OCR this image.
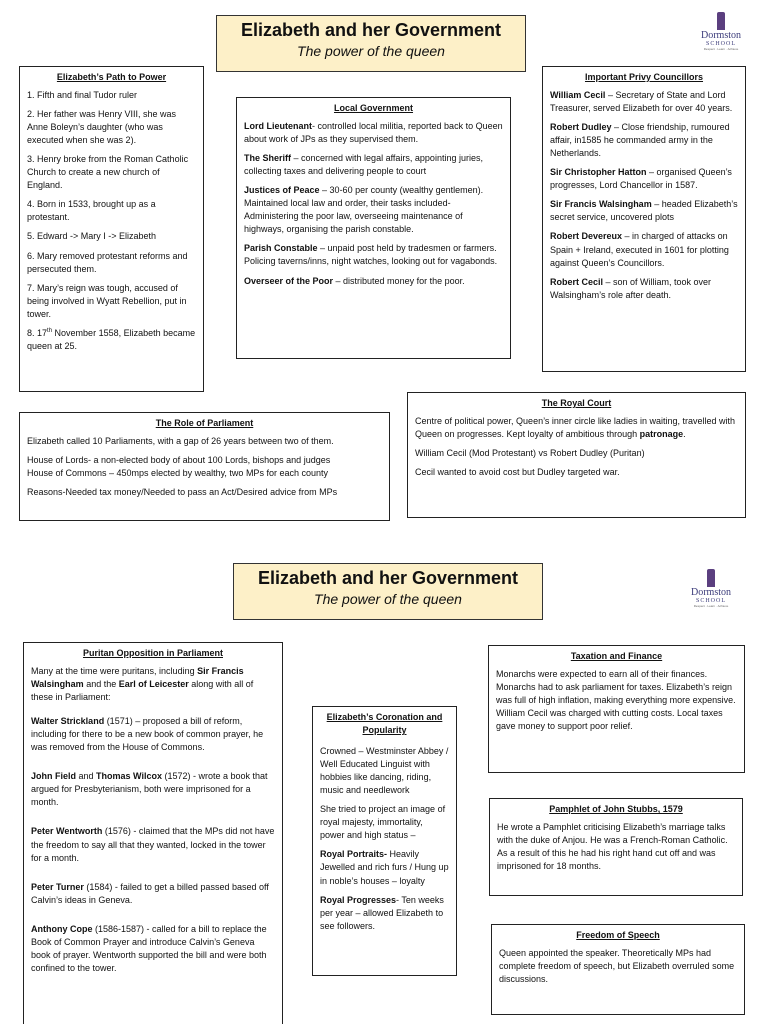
Elizabeth and her Government
The power of the queen
Dormston
SCHOOL
Respect · Learn · Achieve
Elizabeth’s Path to Power

1. Fifth and final Tudor ruler

2. Her father was Henry VIII, she was Anne Boleyn’s daughter (who was executed when she was 2).

3. Henry broke from the Roman Catholic Church to create a new church of England.

4. Born in 1533, brought up as a protestant.

5. Edward -> Mary I -> Elizabeth

6. Mary removed protestant reforms and persecuted them.

7. Mary’s reign was tough, accused of being involved in Wyatt Rebellion, put in tower.

8. 17th November 1558, Elizabeth became queen at 25.

Local Government

Lord Lieutenant- controlled local militia, reported back to Queen about work of JPs as they supervised them.

The Sheriff – concerned with legal affairs, appointing juries, collecting taxes and delivering people to court

Justices of Peace – 30-60 per county (wealthy gentlemen). Maintained local law and order, their tasks included- Administering the poor law, overseeing maintenance of highways, organising the parish constable.

Parish Constable – unpaid post held by tradesmen or farmers. Policing taverns/inns, night watches, looking out for vagabonds.

Overseer of the Poor – distributed money for the poor.

Important Privy Councillors

William Cecil – Secretary of State and Lord Treasurer, served Elizabeth for over 40 years.

Robert Dudley – Close friendship, rumoured affair, in1585 he commanded army in the Netherlands.

Sir Christopher Hatton – organised Queen’s progresses, Lord Chancellor in 1587.

Sir Francis Walsingham – headed Elizabeth’s secret service, uncovered plots

Robert Devereux – in charged of attacks on Spain + Ireland, executed in 1601 for plotting against Queen’s Councillors.

Robert Cecil – son of William, took over Walsingham’s role after death.

The Role of Parliament

Elizabeth called 10 Parliaments, with a gap of 26 years between two of them.

House of Lords- a non-elected body of about 100 Lords, bishops and judges

House of Commons – 450mps elected by wealthy, two MPs for each county

Reasons-Needed tax money/Needed to pass an Act/Desired advice from MPs

The Royal Court

Centre of political power, Queen’s inner circle like ladies in waiting, travelled with Queen on progresses. Kept loyalty of ambitious through patronage.

William Cecil (Mod Protestant) vs Robert Dudley (Puritan)

Cecil wanted to avoid cost but Dudley targeted war.

Elizabeth and her Government
The power of the queen	Dormston
SCHOOL
Respect · Learn · Achieve
Puritan Opposition in Parliament

Many at the time were puritans, including Sir Francis Walsingham and the Earl of Leicester along with all of these in Parliament:

Walter Strickland (1571) – proposed a bill of reform, including for there to be a new book of common prayer, he was removed from the House of Commons.

John Field and Thomas Wilcox (1572) - wrote a book that argued for Presbyterianism, both were imprisoned for a month.

Peter Wentworth (1576) - claimed that the MPs did not have the freedom to say all that they wanted, locked in the tower for a month.

Peter Turner (1584) - failed to get a billed passed based off Calvin’s ideas in Geneva.

Anthony Cope (1586-1587) - called for a bill to replace the Book of Common Prayer and introduce Calvin’s Geneva book of prayer. Wentworth supported the bill and were both confined to the tower.

Elizabeth’s Coronation and Popularity

Crowned – Westminster Abbey / Well Educated Linguist with hobbies like dancing, riding, music and needlework

She tried to project an image of royal majesty, immortality, power and high status –

Royal Portraits- Heavily Jewelled and rich furs / Hung up in noble’s houses – loyalty

Royal Progresses- Ten weeks per year – allowed Elizabeth to see followers.

Taxation and Finance

Monarchs were expected to earn all of their finances. Monarchs had to ask parliament for taxes. Elizabeth’s reign was full of high inflation, making everything more expensive. William Cecil was charged with cutting costs. Local taxes gave money to support poor relief.

Pamphlet of John Stubbs, 1579

He wrote a Pamphlet criticising Elizabeth’s marriage talks with the duke of Anjou. He was a French-Roman Catholic. As a result of this he had his right hand cut off and was imprisoned for 18 months.

Freedom of Speech

Queen appointed the speaker. Theoretically MPs had complete freedom of speech, but Elizabeth overruled some discussions.
